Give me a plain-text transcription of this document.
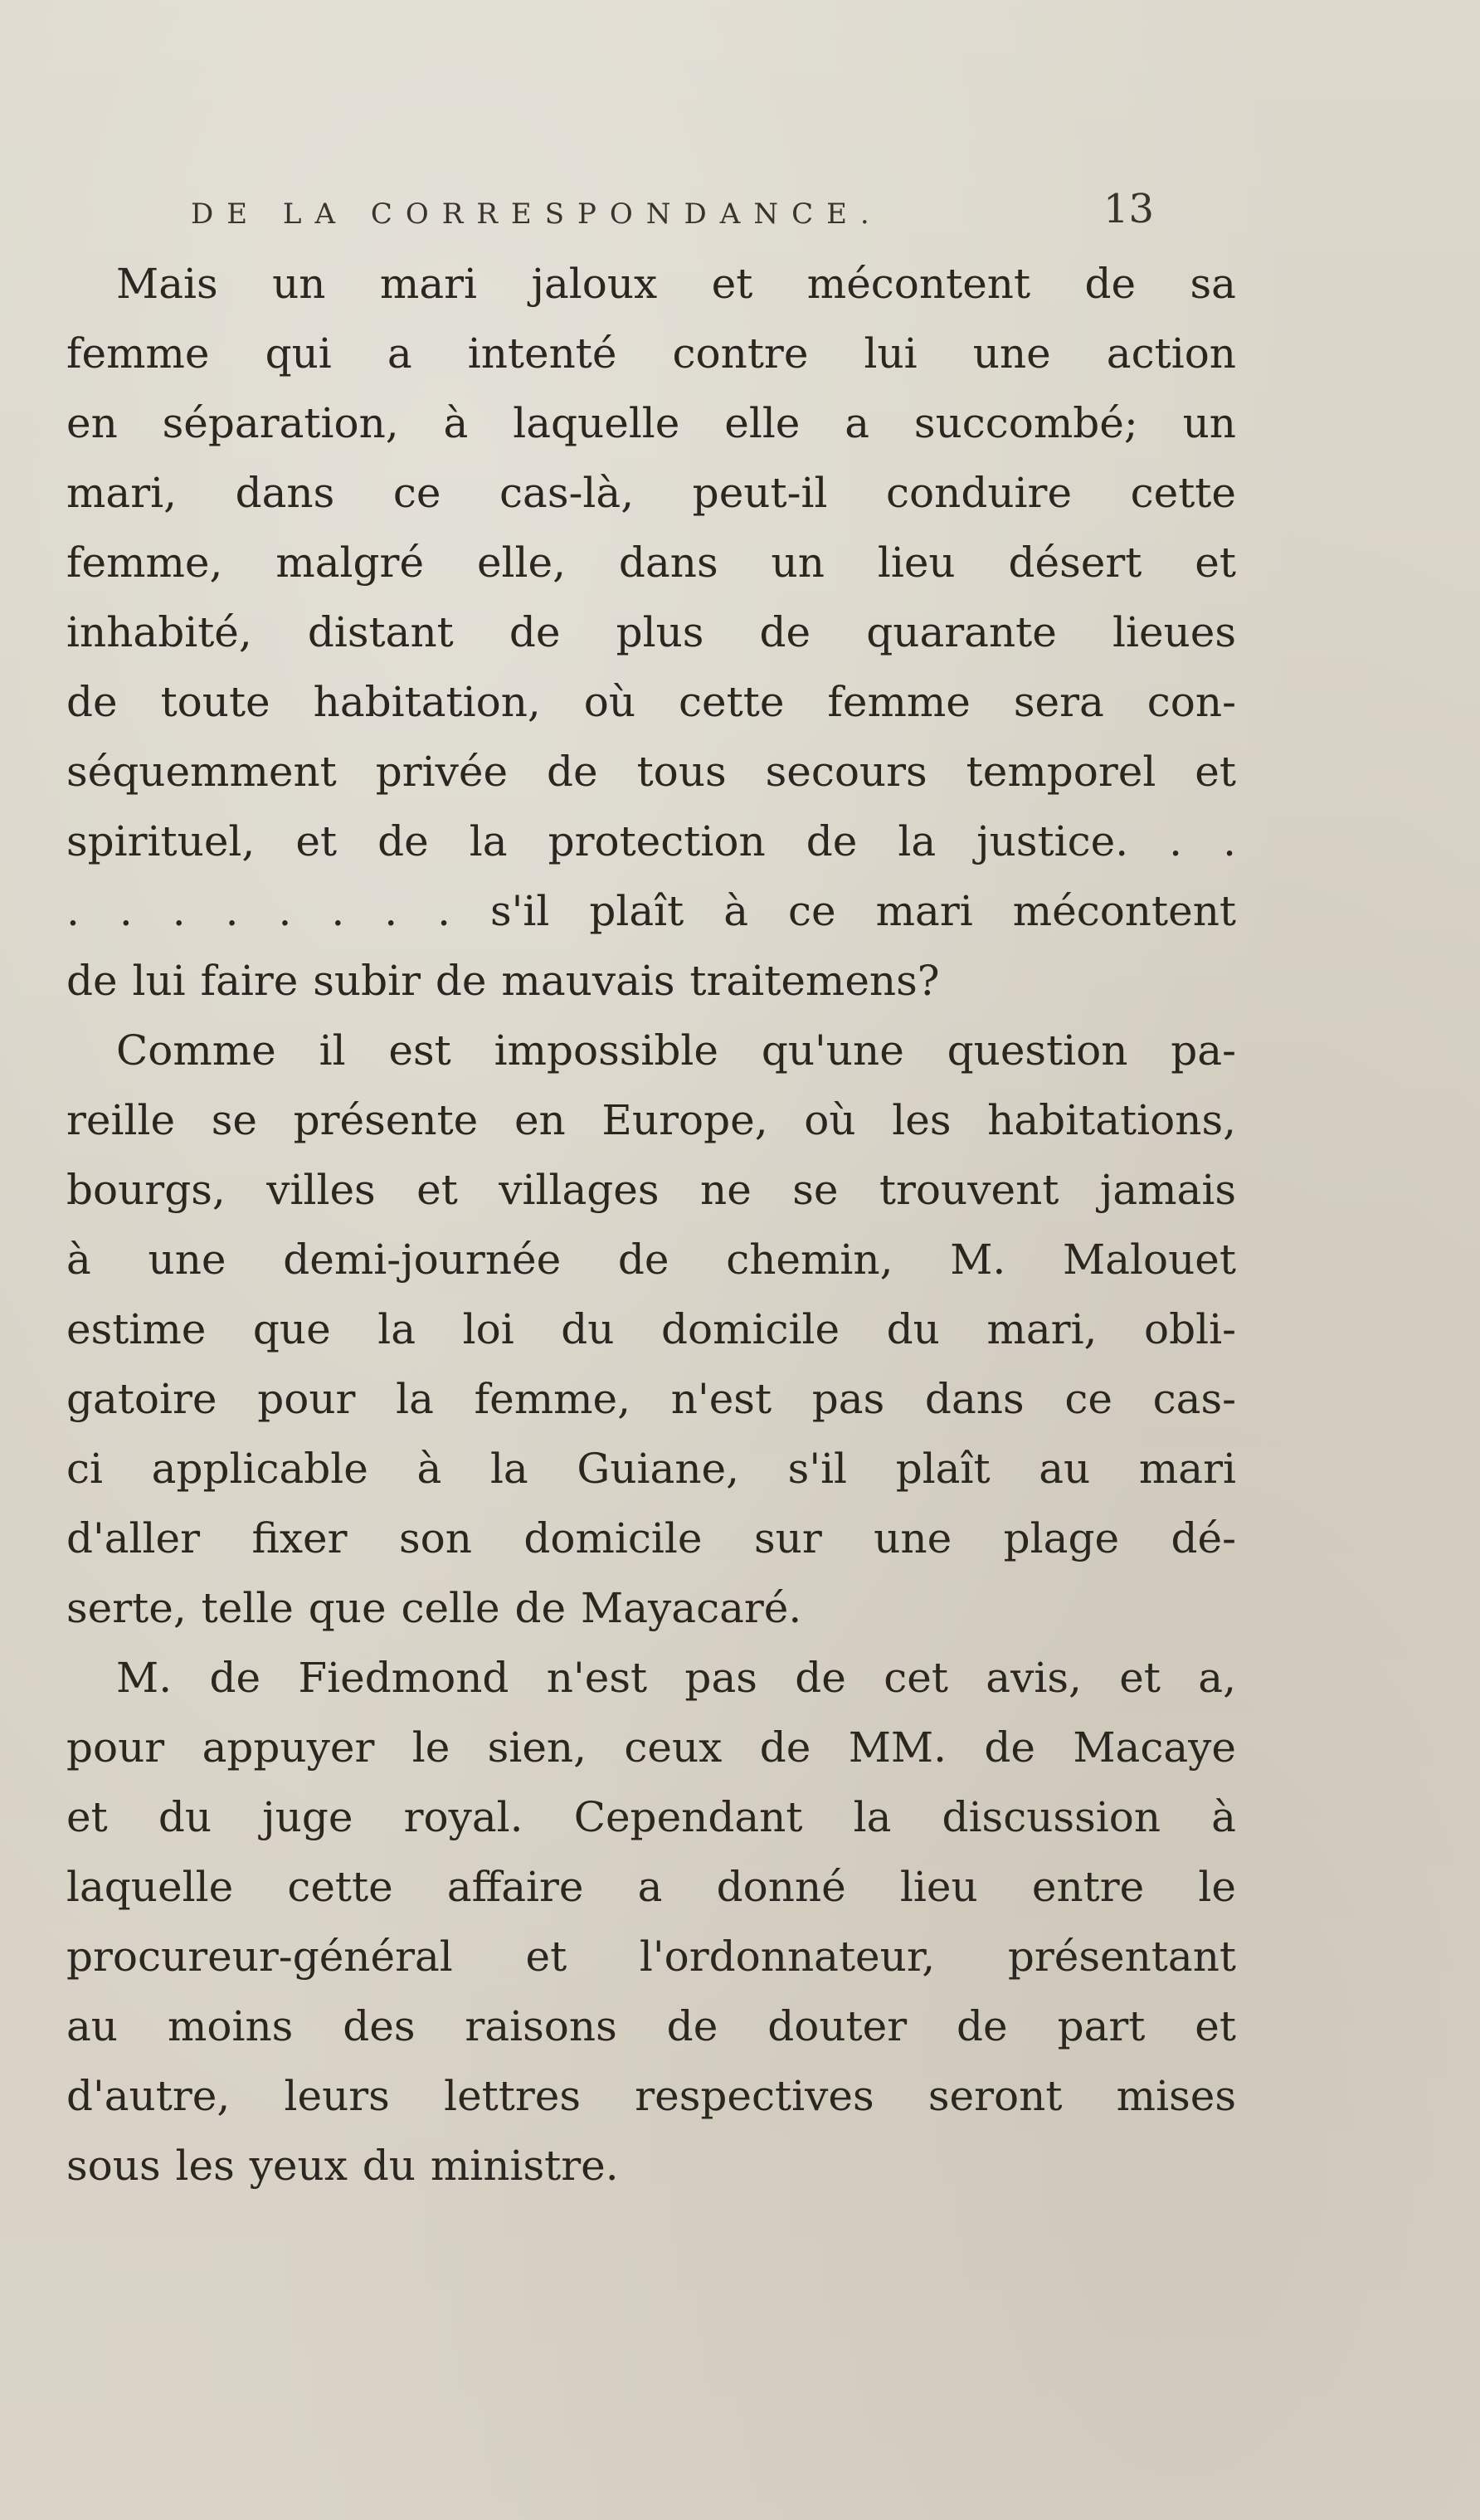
DE LA CORRESPONDANCE.	13
Mais un mari jaloux et mécontent de sa
femme qui a intenté contre lui une action
en séparation, à laquelle elle a succombé; un
mari, dans ce cas-là, peut-il conduire cette
femme, malgré elle, dans un lieu désert et
inhabité, distant de plus de quarante lieues
de toute habitation, où cette femme sera con-
séquemment privée de tous secours temporel et
spirituel, et de la protection de la justice. . .
. . . . . . . . s'il plaît à ce mari mécontent
de lui faire subir de mauvais traitemens?
Comme il est impossible qu'une question pa-
reille se présente en Europe, où les habitations,
bourgs, villes et villages ne se trouvent jamais
à une demi-journée de chemin, M. Malouet
estime que la loi du domicile du mari, obli-
gatoire pour la femme, n'est pas dans ce cas-
ci applicable à la Guiane, s'il plaît au mari
d'aller fixer son domicile sur une plage dé-
serte, telle que celle de Mayacaré.
M. de Fiedmond n'est pas de cet avis, et a,
pour appuyer le sien, ceux de MM. de Macaye
et du juge royal. Cependant la discussion à
laquelle cette affaire a donné lieu entre le
procureur-général et l'ordonnateur, présentant
au moins des raisons de douter de part et
d'autre, leurs lettres respectives seront mises
sous les yeux du ministre.
